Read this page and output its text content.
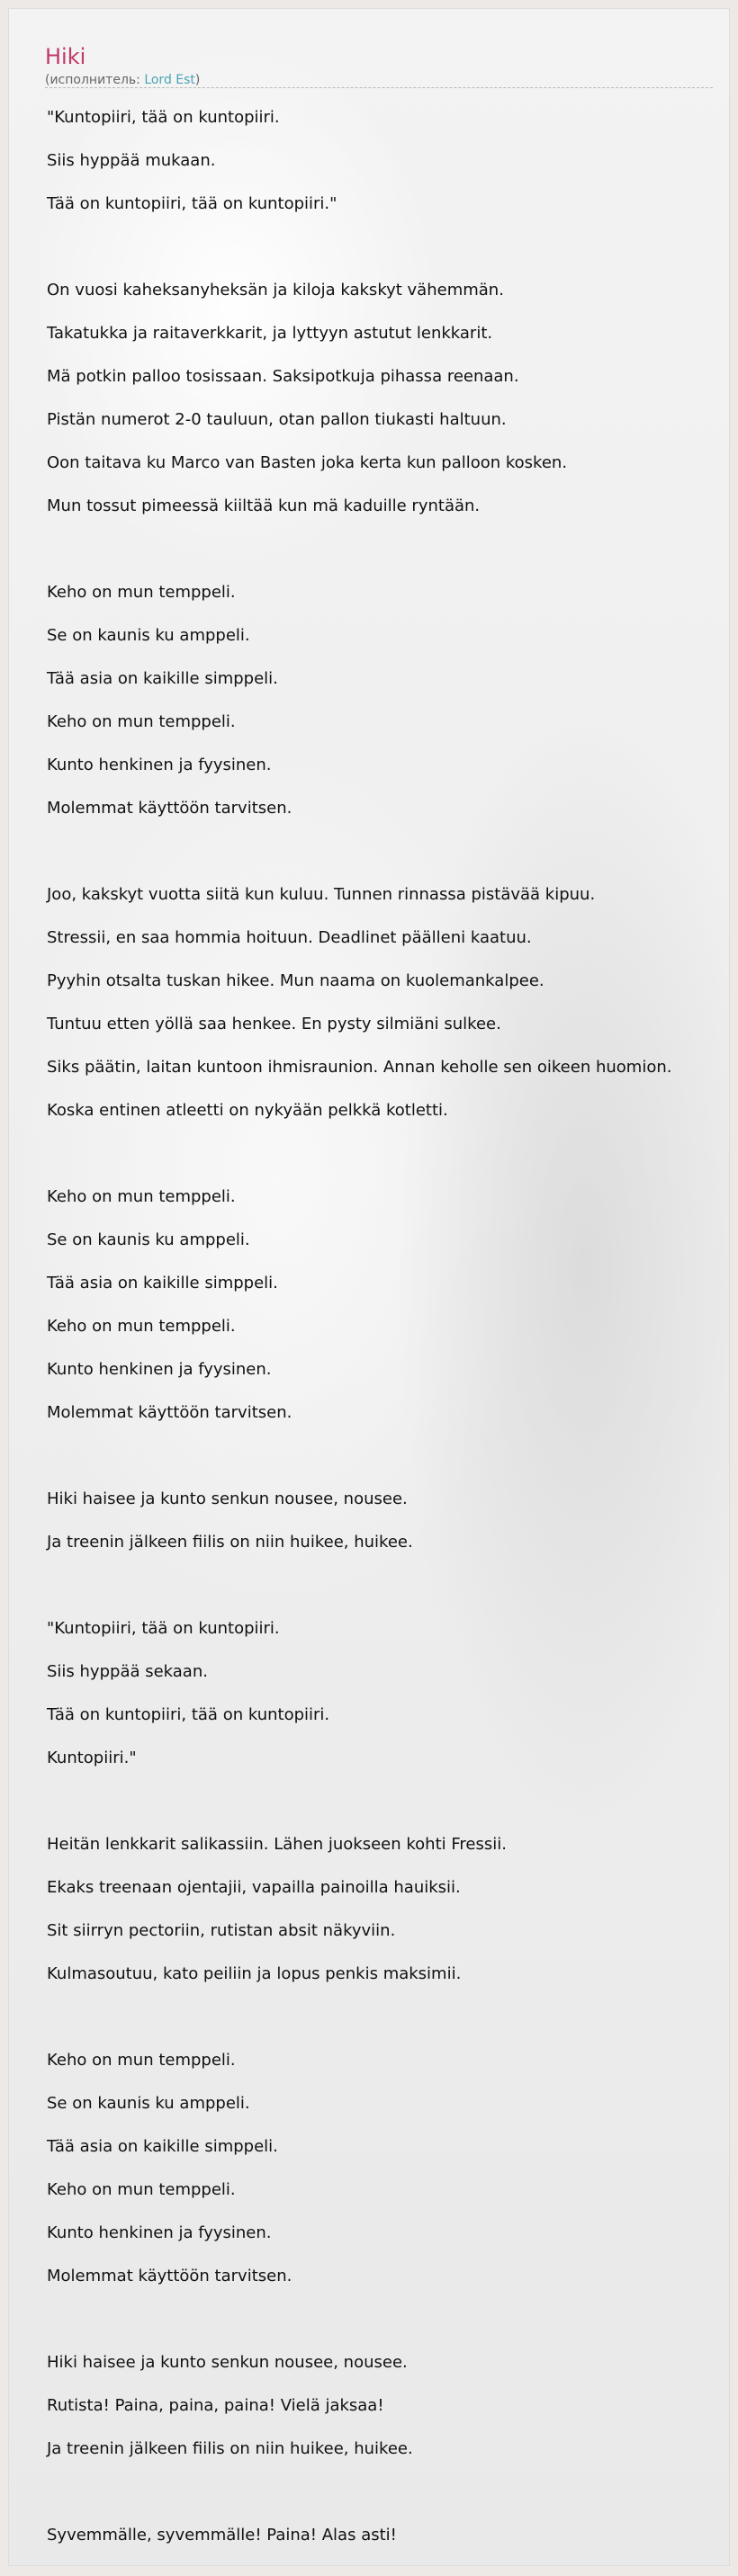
Hiki
(исполнитель: Lord Est)
"Kuntopiiri, tää on kuntopiiri.
Siis hyppää mukaan.
Tää on kuntopiiri, tää on kuntopiiri."
On vuosi kaheksanyheksän ja kiloja kakskyt vähemmän.
Takatukka ja raitaverkkarit, ja lyttyyn astutut lenkkarit.
Mä potkin palloo tosissaan. Saksipotkuja pihassa reenaan.
Pistän numerot 2-0 tauluun, otan pallon tiukasti haltuun.
Oon taitava ku Marco van Basten joka kerta kun palloon kosken.
Mun tossut pimeessä kiiltää kun mä kaduille ryntään.
Keho on mun temppeli.
Se on kaunis ku amppeli.
Tää asia on kaikille simppeli.
Keho on mun temppeli.
Kunto henkinen ja fyysinen.
Molemmat käyttöön tarvitsen.
Joo, kakskyt vuotta siitä kun kuluu. Tunnen rinnassa pistävää kipuu.
Stressii, en saa hommia hoituun. Deadlinet päälleni kaatuu.
Pyyhin otsalta tuskan hikee. Mun naama on kuolemankalpee.
Tuntuu etten yöllä saa henkee. En pysty silmiäni sulkee.
Siks päätin, laitan kuntoon ihmisraunion. Annan keholle sen oikeen huomion.
Koska entinen atleetti on nykyään pelkkä kotletti.
Keho on mun temppeli.
Se on kaunis ku amppeli.
Tää asia on kaikille simppeli.
Keho on mun temppeli.
Kunto henkinen ja fyysinen.
Molemmat käyttöön tarvitsen.
Hiki haisee ja kunto senkun nousee, nousee.
Ja treenin jälkeen fiilis on niin huikee, huikee.
"Kuntopiiri, tää on kuntopiiri.
Siis hyppää sekaan.
Tää on kuntopiiri, tää on kuntopiiri.
Kuntopiiri."
Heitän lenkkarit salikassiin. Lähen juokseen kohti Fressii.
Ekaks treenaan ojentajii, vapailla painoilla hauiksii.
Sit siirryn pectoriin, rutistan absit näkyviin.
Kulmasoutuu, kato peiliin ja lopus penkis maksimii.
Keho on mun temppeli.
Se on kaunis ku amppeli.
Tää asia on kaikille simppeli.
Keho on mun temppeli.
Kunto henkinen ja fyysinen.
Molemmat käyttöön tarvitsen.
Hiki haisee ja kunto senkun nousee, nousee.
Rutista! Paina, paina, paina! Vielä jaksaa!
Ja treenin jälkeen fiilis on niin huikee, huikee.
Syvemmälle, syvemmälle! Paina! Alas asti!
